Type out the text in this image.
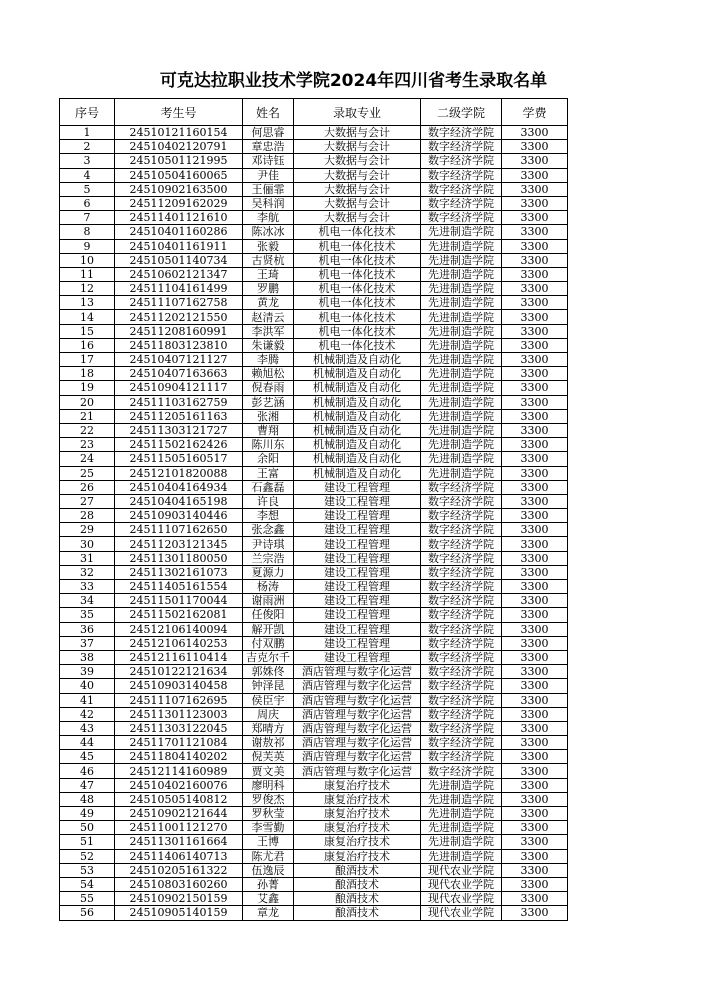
可克达拉职业技术学院2024年四川省考生录取名单
序号	考生号	姓名	录取专业	二级学院	学费
1	24510121160154	何思睿	大数据与会计	数字经济学院	3300
2	24510402120791	章忠浩	大数据与会计	数字经济学院	3300
3	24510501121995	邓诗钰	大数据与会计	数字经济学院	3300
4	24510504160065	尹佳	大数据与会计	数字经济学院	3300
5	24510902163500	王俪霏	大数据与会计	数字经济学院	3300
6	24511209162029	吴科润	大数据与会计	数字经济学院	3300
7	24511401121610	李航	大数据与会计	数字经济学院	3300
8	24510401160286	陈冰冰	机电一体化技术	先进制造学院	3300
9	24510401161911	张毅	机电一体化技术	先进制造学院	3300
10	24510501140734	古贤杭	机电一体化技术	先进制造学院	3300
11	24510602121347	王琦	机电一体化技术	先进制造学院	3300
12	24511104161499	罗鹏	机电一体化技术	先进制造学院	3300
13	24511107162758	黄龙	机电一体化技术	先进制造学院	3300
14	24511202121550	赵清云	机电一体化技术	先进制造学院	3300
15	24511208160991	李洪军	机电一体化技术	先进制造学院	3300
16	24511803123810	朱谦毅	机电一体化技术	先进制造学院	3300
17	24510407121127	李腾	机械制造及自动化	先进制造学院	3300
18	24510407163663	赖旭松	机械制造及自动化	先进制造学院	3300
19	24510904121117	倪春雨	机械制造及自动化	先进制造学院	3300
20	24511103162759	彭艺涵	机械制造及自动化	先进制造学院	3300
21	24511205161163	张湘	机械制造及自动化	先进制造学院	3300
22	24511303121727	曹翔	机械制造及自动化	先进制造学院	3300
23	24511502162426	陈川东	机械制造及自动化	先进制造学院	3300
24	24511505160517	余阳	机械制造及自动化	先进制造学院	3300
25	24512101820088	王富	机械制造及自动化	先进制造学院	3300
26	24510404164934	石鑫磊	建设工程管理	数字经济学院	3300
27	24510404165198	许良	建设工程管理	数字经济学院	3300
28	24510903140446	李想	建设工程管理	数字经济学院	3300
29	24511107162650	张念鑫	建设工程管理	数字经济学院	3300
30	24511203121345	尹诗琪	建设工程管理	数字经济学院	3300
31	24511301180050	兰宗浩	建设工程管理	数字经济学院	3300
32	24511302161073	夏源力	建设工程管理	数字经济学院	3300
33	24511405161554	杨涛	建设工程管理	数字经济学院	3300
34	24511501170044	谢雨洲	建设工程管理	数字经济学院	3300
35	24511502162081	任俊阳	建设工程管理	数字经济学院	3300
36	24512106140094	解开凯	建设工程管理	数字经济学院	3300
37	24512106140253	付双鹏	建设工程管理	数字经济学院	3300
38	24512116110414	吉克尔千	建设工程管理	数字经济学院	3300
39	24510122121634	郭姝佟	酒店管理与数字化运营	数字经济学院	3300
40	24510903140458	钟泽昆	酒店管理与数字化运营	数字经济学院	3300
41	24511107162695	侯臣宇	酒店管理与数字化运营	数字经济学院	3300
42	24511301123003	周庆	酒店管理与数字化运营	数字经济学院	3300
43	24511303122045	郑晴方	酒店管理与数字化运营	数字经济学院	3300
44	24511701121084	谢敖祁	酒店管理与数字化运营	数字经济学院	3300
45	24511804140202	倪芙英	酒店管理与数字化运营	数字经济学院	3300
46	24512114160989	贾文美	酒店管理与数字化运营	数字经济学院	3300
47	24510402160076	廖明科	康复治疗技术	先进制造学院	3300
48	24510505140812	罗俊杰	康复治疗技术	先进制造学院	3300
49	24510902121644	罗秋莹	康复治疗技术	先进制造学院	3300
50	24511001121270	李雪勤	康复治疗技术	先进制造学院	3300
51	24511301161664	王博	康复治疗技术	先进制造学院	3300
52	24511406140713	陈尤君	康复治疗技术	先进制造学院	3300
53	24510205161322	伍逸辰	酿酒技术	现代农业学院	3300
54	24510803160260	孙菁	酿酒技术	现代农业学院	3300
55	24510902150159	艾鑫	酿酒技术	现代农业学院	3300
56	24510905140159	章龙	酿酒技术	现代农业学院	3300
